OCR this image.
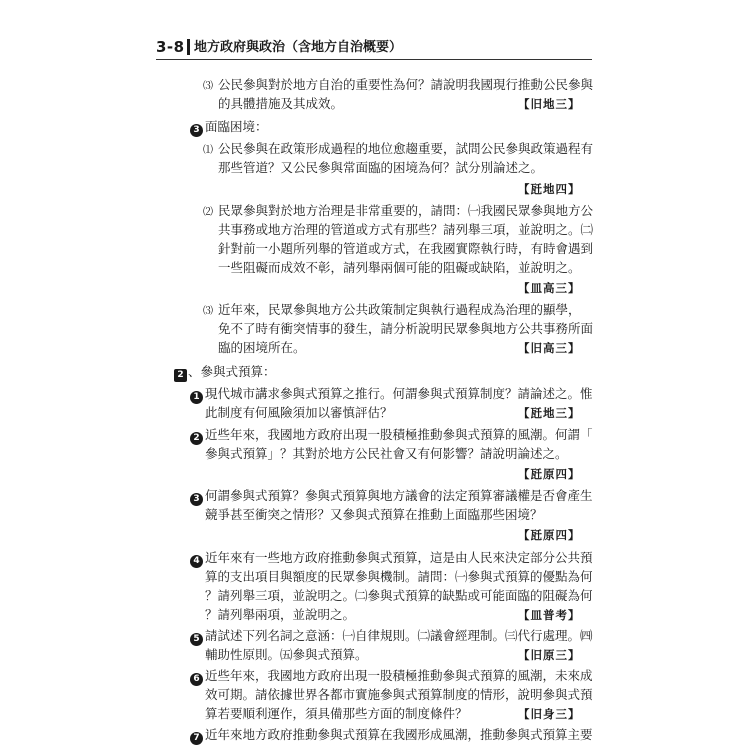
3-8 地方政府與政治（含地方自治概要）
⑶ 公民參與對於地方自治的重要性為何？請說明我國現行推動公民參與
的具體措施及其成效。	【旧地三】
3 面臨困境：
⑴ 公民參與在政策形成過程的地位愈趨重要，試問公民參與政策過程有
那些管道？又公民參與常面臨的困境為何？試分別論述之。
【瓩地四】
⑵ 民眾參與對於地方治理是非常重要的，請問：㈠我國民眾參與地方公
共事務或地方治理的管道或方式有那些？請列舉三項，並說明之。㈡
針對前一小題所列舉的管道或方式，在我國實際執行時，有時會遇到
一些阻礙而成效不彰，請列舉兩個可能的阻礙或缺陷，並說明之。
【皿高三】
⑶ 近年來，民眾參與地方公共政策制定與執行過程成為治理的顯學，
免不了時有衝突情事的發生，請分析說明民眾參與地方公共事務所面
臨的困境所在。	【旧高三】
2 、參與式預算：
1 現代城市講求參與式預算之推行。何謂參與式預算制度？請論述之。惟
此制度有何風險須加以審慎評估？	【瓩地三】
2 近些年來，我國地方政府出現一股積極推動參與式預算的風潮。何謂「
參與式預算」？其對於地方公民社會又有何影響？請說明論述之。
【瓩原四】
3 何謂參與式預算？參與式預算與地方議會的法定預算審議權是否會產生
競爭甚至衝突之情形？又參與式預算在推動上面臨那些困境？
【瓩原四】
4 近年來有一些地方政府推動參與式預算，這是由人民來決定部分公共預
算的支出項目與額度的民眾參與機制。請問：㈠參與式預算的優點為何
？請列舉三項，並說明之。㈡參與式預算的缺點或可能面臨的阻礙為何
？請列舉兩項，並說明之。	【皿普考】
5 請試述下列名詞之意涵：㈠自律規則。㈡議會經理制。㈢代行處理。㈣
輔助性原則。㈤參與式預算。	【旧原三】
6 近些年來，我國地方政府出現一股積極推動參與式預算的風潮，未來成
效可期。請依據世界各都市實施參與式預算制度的情形，說明參與式預
算若要順利運作，須具備那些方面的制度條件？	【旧身三】
7 近年來地方政府推動參與式預算在我國形成風潮，推動參與式預算主要
